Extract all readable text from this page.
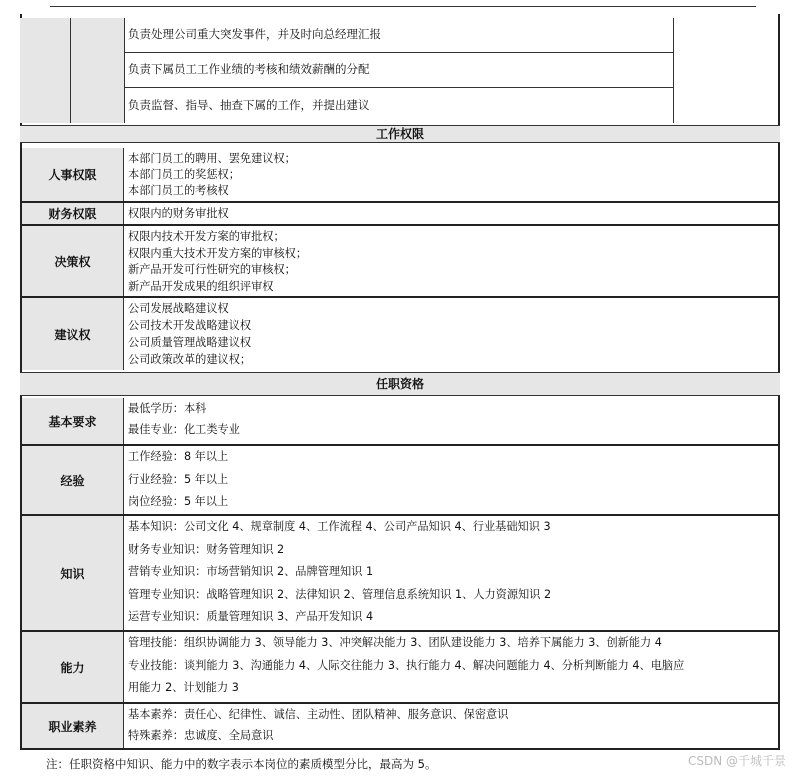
负责处理公司重大突发事件，并及时向总经理汇报
负责下属员工工作业绩的考核和绩效薪酬的分配
负责监督、指导、抽查下属的工作，并提出建议
工作权限
人事权限
本部门员工的聘用、罢免建议权；
本部门员工的奖惩权；
本部门员工的考核权
财务权限	权限内的财务审批权
决策权
权限内技术开发方案的审批权；
权限内重大技术开发方案的审核权；
新产品开发可行性研究的审核权；
新产品开发成果的组织评审权
建议权
公司发展战略建议权
公司技术开发战略建议权
公司质量管理战略建议权
公司政策改革的建议权；
任职资格
基本要求
最低学历：本科
最佳专业：化工类专业
经验
工作经验：8 年以上
行业经验：5 年以上
岗位经验：5 年以上
知识
基本知识：公司文化 4、规章制度 4、工作流程 4、公司产品知识 4、行业基础知识 3
财务专业知识：财务管理知识 2
营销专业知识：市场营销知识 2、品牌管理知识 1
管理专业知识：战略管理知识 2、法律知识 2、管理信息系统知识 1、人力资源知识 2
运营专业知识：质量管理知识 3、产品开发知识 4
能力
管理技能：组织协调能力 3、领导能力 3、冲突解决能力 3、团队建设能力 3、培养下属能力 3、创新能力 4
专业技能：谈判能力 3、沟通能力 4、人际交往能力 3、执行能力 4、解决问题能力 4、分析判断能力 4、电脑应
用能力 2、计划能力 3
职业素养
基本素养：责任心、纪律性、诚信、主动性、团队精神、服务意识、保密意识
特殊素养：忠诚度、全局意识
注：任职资格中知识、能力中的数字表示本岗位的素质模型分比，最高为 5。	CSDN @千城千景
